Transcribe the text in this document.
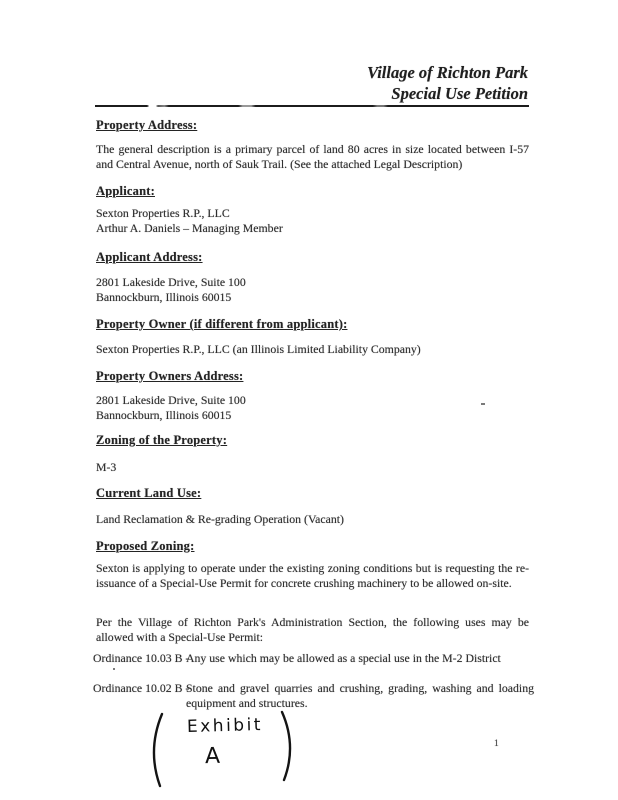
Village of Richton Park
Special Use Petition
Property Address:
The general description is a primary parcel of land 80 acres in size located between I-57 and Central Avenue, north of Sauk Trail. (See the attached Legal Description)
Applicant:
Sexton Properties R.P., LLC
Arthur A. Daniels – Managing Member
Applicant Address:
2801 Lakeside Drive, Suite 100
Bannockburn, Illinois 60015
Property Owner (if different from applicant):
Sexton Properties R.P., LLC (an Illinois Limited Liability Company)
Property Owners Address:
2801 Lakeside Drive, Suite 100
Bannockburn, Illinois 60015
Zoning of the Property:
M-3
Current Land Use:
Land Reclamation & Re-grading Operation (Vacant)
Proposed Zoning:
Sexton is applying to operate under the existing zoning conditions but is requesting the re-issuance of a Special-Use Permit for concrete crushing machinery to be allowed on-site.
Per the Village of Richton Park's Administration Section, the following uses may be allowed with a Special-Use Permit:
Ordinance 10.03 B -
Any use which may be allowed as a special use in the M-2 District
Ordinance 10.02 B -
Stone and gravel quarries and crushing, grading, washing and loading equipment and structures.
Exhibit
A	1
